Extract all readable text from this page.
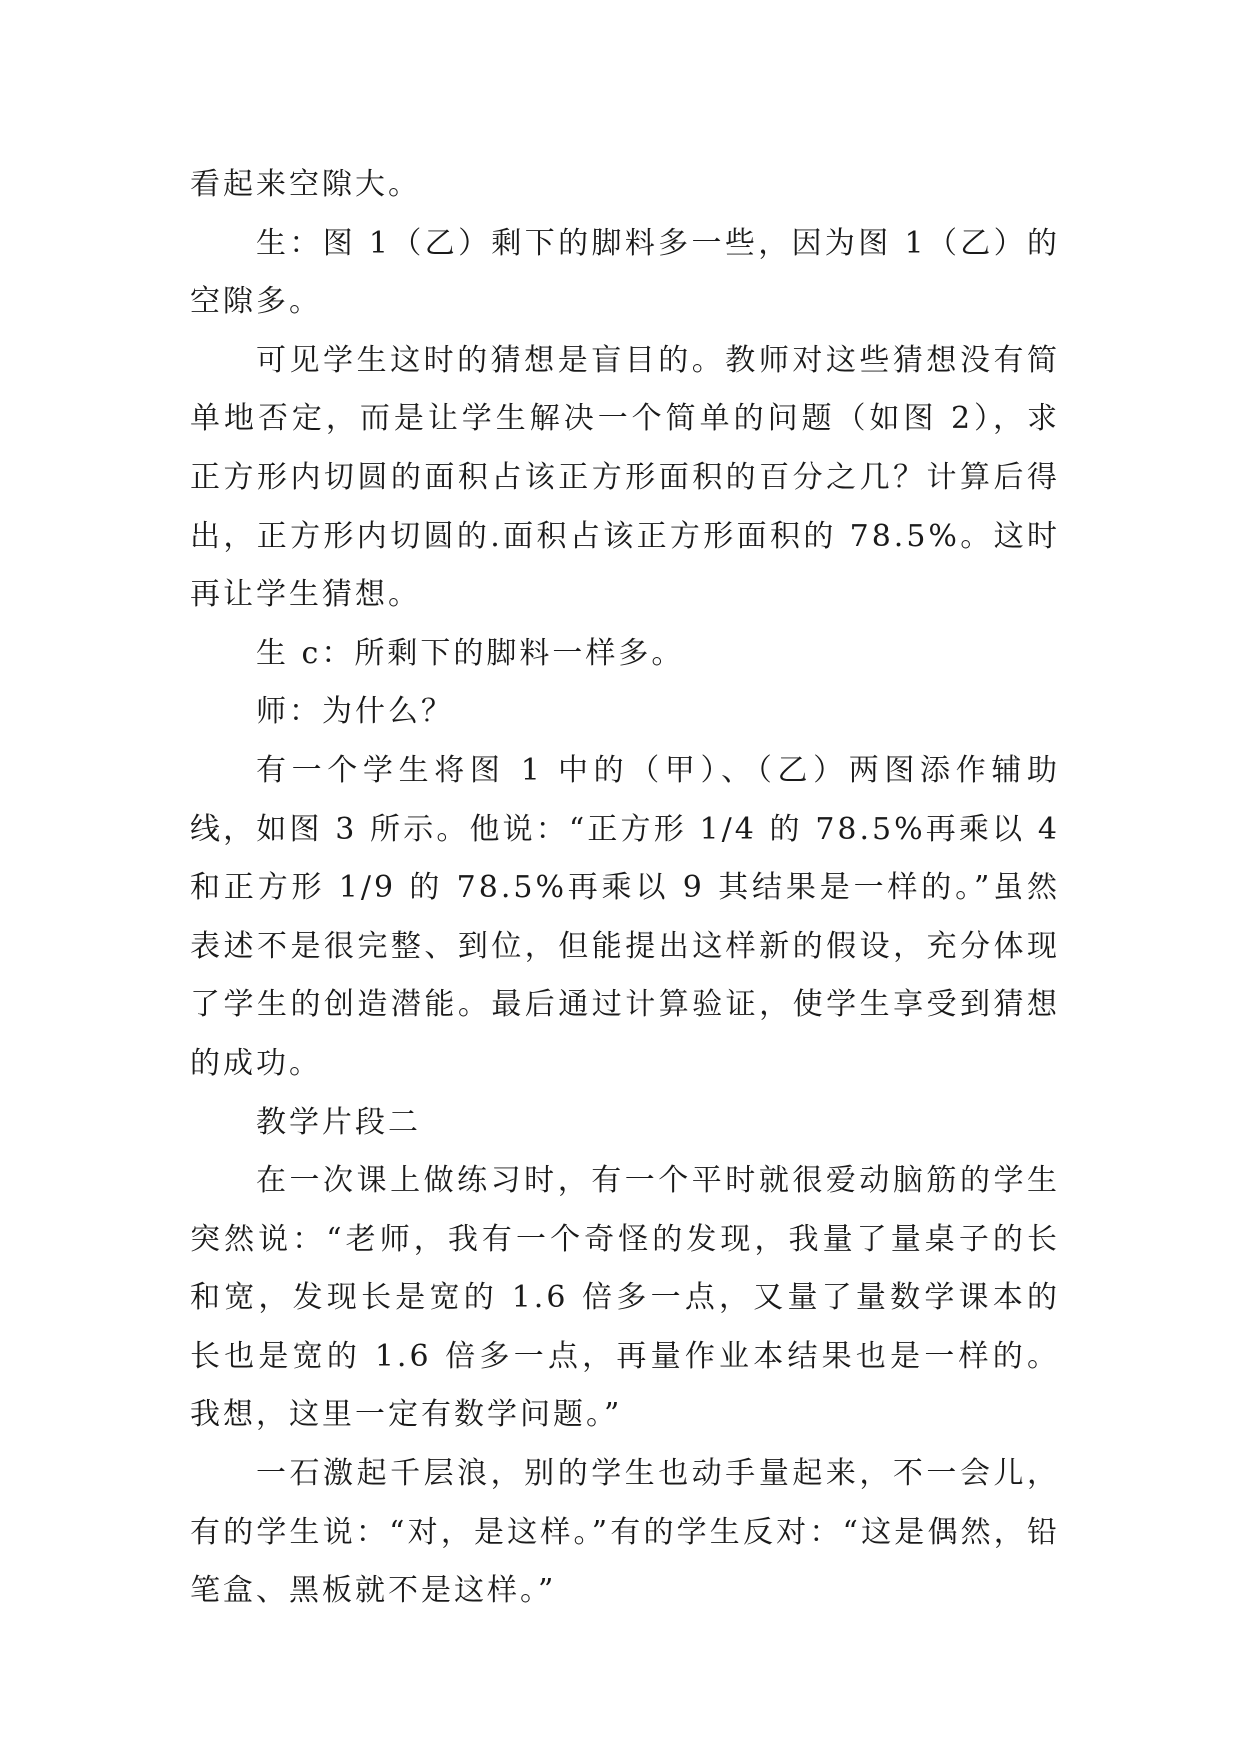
看起来空隙大。

生：图 1（乙）剩下的脚料多一些，因为图 1（乙）的空隙多。

可见学生这时的猜想是盲目的。教师对这些猜想没有简单地否定，而是让学生解决一个简单的问题（如图 2），求正方形内切圆的面积占该正方形面积的百分之几？计算后得出，正方形内切圆的.面积占该正方形面积的 78.5%。这时再让学生猜想。

生 c：所剩下的脚料一样多。

师：为什么？

有一个学生将图 1 中的（甲）、（乙）两图添作辅助线，如图 3 所示。他说：“正方形 1/4 的 78.5%再乘以 4 和正方形 1/9 的 78.5%再乘以 9 其结果是一样的。”虽然表述不是很完整、到位，但能提出这样新的假设，充分体现了学生的创造潜能。最后通过计算验证，使学生享受到猜想的成功。

教学片段二

在一次课上做练习时，有一个平时就很爱动脑筋的学生突然说：“老师，我有一个奇怪的发现，我量了量桌子的长和宽，发现长是宽的 1.6 倍多一点，又量了量数学课本的长也是宽的 1.6 倍多一点，再量作业本结果也是一样的。我想，这里一定有数学问题。”

一石激起千层浪，别的学生也动手量起来，不一会儿，有的学生说：“对，是这样。”有的学生反对：“这是偶然，铅笔盒、黑板就不是这样。”
